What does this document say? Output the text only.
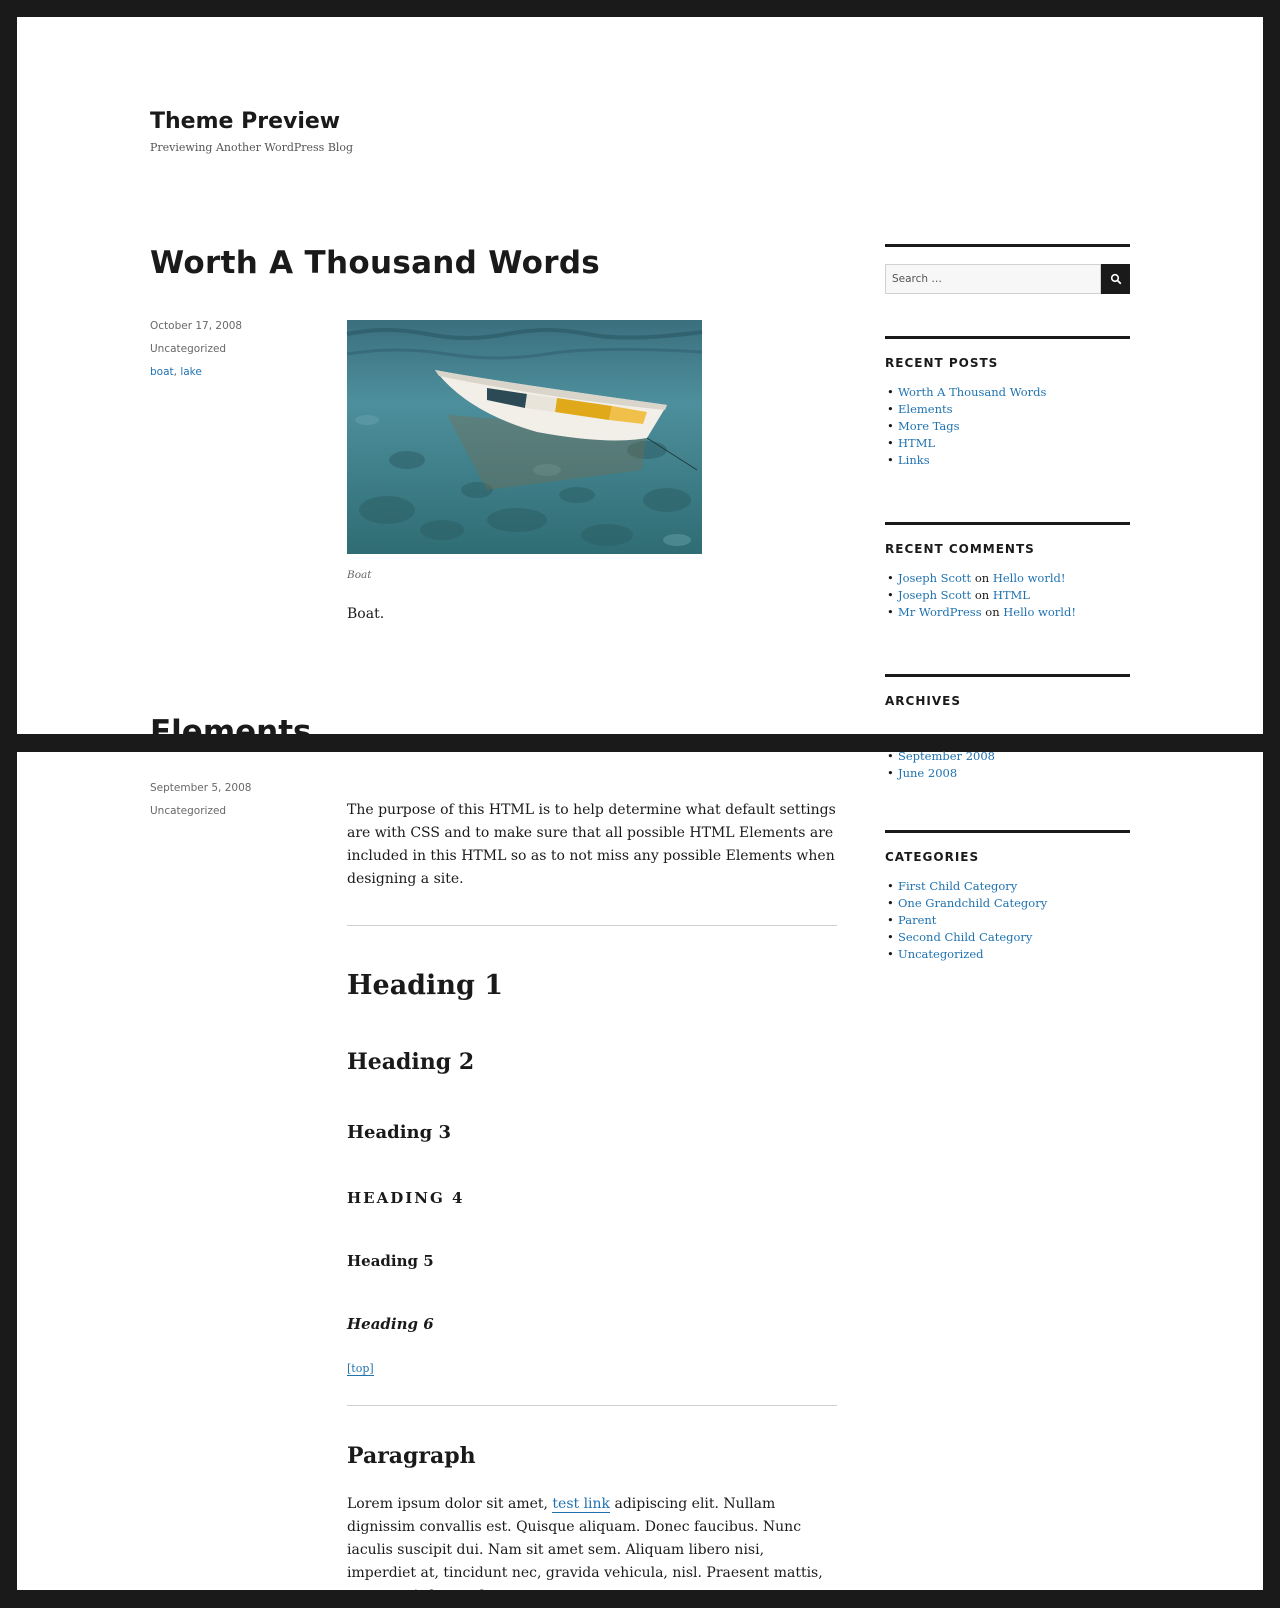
Theme Preview
Previewing Another WordPress Blog
Worth A Thousand Words
October 17, 2008
Uncategorized
boat, lake
Boat

Boat.

Elements
Search …
RECENT POSTS
• Worth A Thousand Words
• Elements
• More Tags
• HTML
• Links
RECENT COMMENTS
• Joseph Scott on Hello world!
• Joseph Scott on HTML
• Mr WordPress on Hello world!
ARCHIVES
• September 2008
• June 2008
CATEGORIES
• First Child Category
• One Grandchild Category
• Parent
• Second Child Category
• Uncategorized
September 5, 2008
Uncategorized	The purpose of this HTML is to help determine what default settings are with CSS and to make sure that all possible HTML Elements are included in this HTML so as to not miss any possible Elements when designing a site.

Heading 1
Heading 2
Heading 3
HEADING 4
Heading 5
Heading 6
[top]
Paragraph

Lorem ipsum dolor sit amet, test link adipiscing elit. Nullam dignissim convallis est. Quisque aliquam. Donec faucibus. Nunc iaculis suscipit dui. Nam sit amet sem. Aliquam libero nisi, imperdiet at, tincidunt nec, gravida vehicula, nisl. Praesent mattis, massa quis luctus fermentum,
